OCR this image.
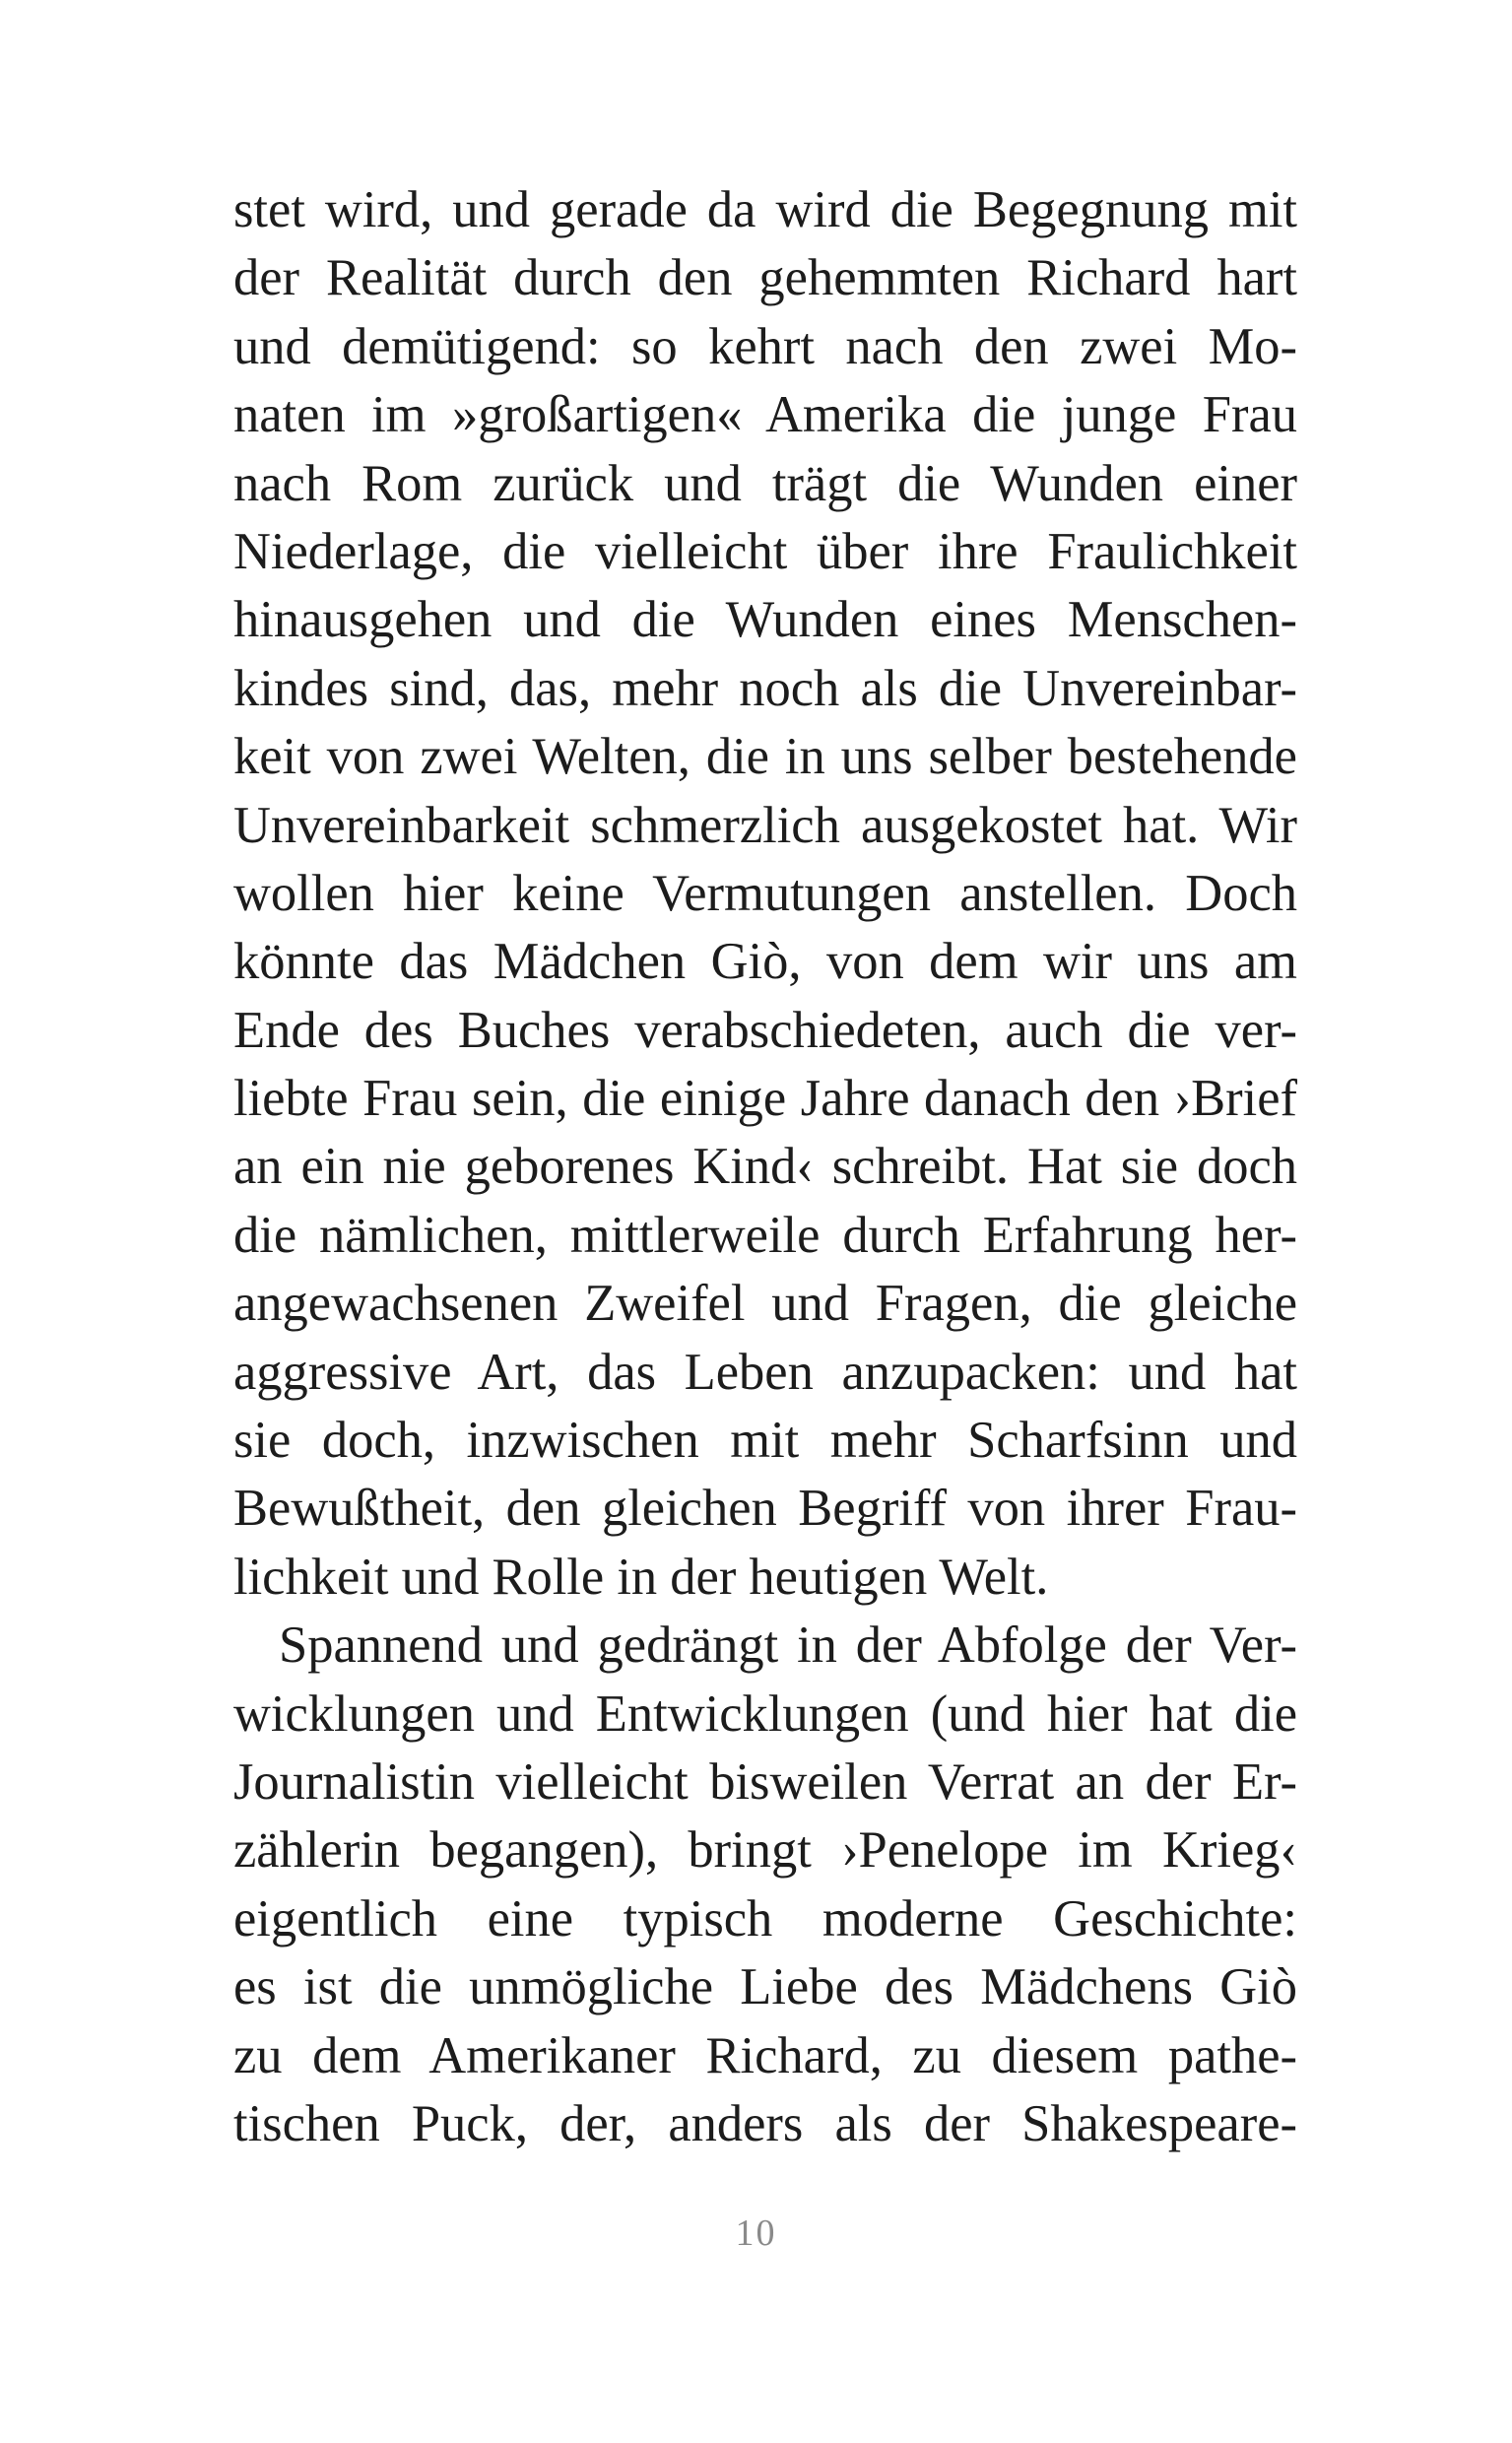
stet wird, und gerade da wird die Begegnung mit
der Realität durch den gehemmten Richard hart
und demütigend: so kehrt nach den zwei Mo-
naten im »großartigen« Amerika die junge Frau
nach Rom zurück und trägt die Wunden einer
Niederlage, die vielleicht über ihre Fraulichkeit
hinausgehen und die Wunden eines Menschen-
kindes sind, das, mehr noch als die Unvereinbar-
keit von zwei Welten, die in uns selber bestehende
Unvereinbarkeit schmerzlich ausgekostet hat. Wir
wollen hier keine Vermutungen anstellen. Doch
könnte das Mädchen Giò, von dem wir uns am
Ende des Buches verabschiedeten, auch die ver-
liebte Frau sein, die einige Jahre danach den ›Brief
an ein nie geborenes Kind‹ schreibt. Hat sie doch
die nämlichen, mittlerweile durch Erfahrung her-
angewachsenen Zweifel und Fragen, die gleiche
aggressive Art, das Leben anzupacken: und hat
sie doch, inzwischen mit mehr Scharfsinn und
Bewußtheit, den gleichen Begriff von ihrer Frau-
lichkeit und Rolle in der heutigen Welt.
Spannend und gedrängt in der Abfolge der Ver-
wicklungen und Entwicklungen (und hier hat die
Journalistin vielleicht bisweilen Verrat an der Er-
zählerin begangen), bringt ›Penelope im Krieg‹
eigentlich eine typisch moderne Geschichte:
es ist die unmögliche Liebe des Mädchens Giò
zu dem Amerikaner Richard, zu diesem pathe-
tischen Puck, der, anders als der Shakespeare-
10
